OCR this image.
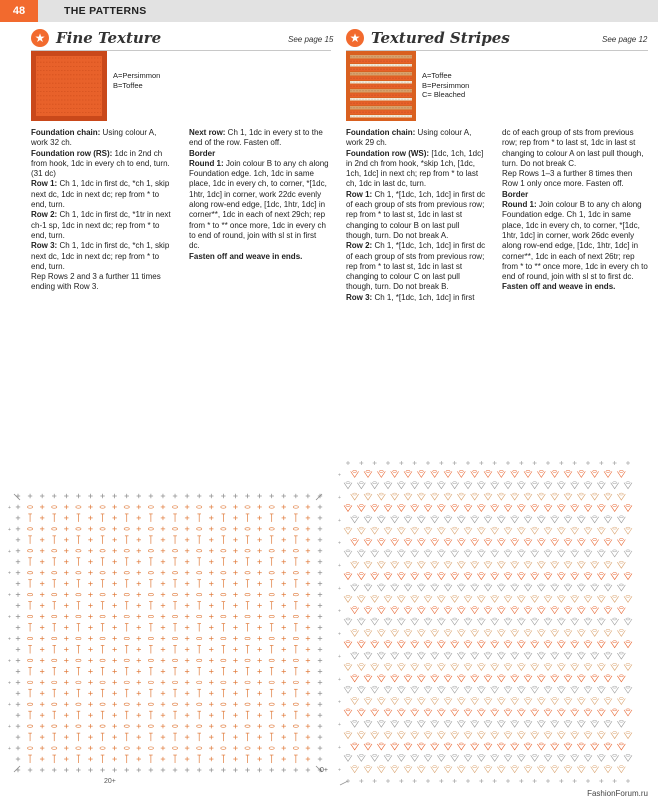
48	THE PATTERNS
★ Fine Texture	See page 15
A=Persimmon
B=Toffee

Foundation chain: Using colour A, work 32 ch.

Foundation row (RS): 1dc in 2nd ch from hook, 1dc in every ch to end, turn. (31 dc)

Row 1: Ch 1, 1dc in first dc, *ch 1, skip next dc, 1dc in next dc; rep from * to end, turn.

Row 2: Ch 1, 1dc in first dc, *1tr in next ch-1 sp, 1dc in next dc; rep from * to end, turn.

Row 3: Ch 1, 1dc in first dc, *ch 1, skip next dc, 1dc in next dc; rep from * to end, turn.

Rep Rows 2 and 3 a further 11 times ending with Row 3.

Next row: Ch 1, 1dc in every st to the end of the row. Fasten off.

Border

Round 1: Join colour B to any ch along Foundation edge. 1ch, 1dc in same place, 1dc in every ch, to corner, *[1dc, 1htr, 1dc] in corner, work 22dc evenly along row-end edge, [1dc, 1htr, 1dc] in corner**, 1dc in each of next 29ch; rep from * to ** once more, 1dc in every ch to end of round, join with sl st in first dc.

Fasten off and weave in ends.

★ Textured Stripes	See page 12
A=Toffee
B=Persimmon
C= Bleached

Foundation chain: Using colour A, work 29 ch.

Foundation row (WS): [1dc, 1ch, 1dc] in 2nd ch from hook, *skip 1ch, [1dc, 1ch, 1dc] in next ch; rep from * to last ch, 1dc in last dc, turn.

Row 1: Ch 1, *[1dc, 1ch, 1dc] in first dc of each group of sts from previous row; rep from * to last st, 1dc in last st changing to colour B on last pull though, turn. Do not break A.

Row 2: Ch 1, *[1dc, 1ch, 1dc] in first dc of each group of sts from previous row; rep from * to last st, 1dc in last st changing to colour C on last pull though, turn. Do not break B.

Row 3: Ch 1, *[1dc, 1ch, 1dc] in first

dc of each group of sts from previous row; rep from * to last st, 1dc in last st changing to colour A on last pull though, turn. Do not break C.

Rep Rows 1–3 a further 8 times then Row 1 only once more. Fasten off.

Border

Round 1: Join colour B to any ch along Foundation edge. Ch 1, 1dc in same place, 1dc in every ch, to corner, *[1dc, 1htr, 1dc] in corner, work 26dc evenly along row-end edge, [1dc, 1htr, 1dc] in corner**, 1dc in each of next 26tr; rep from * to ** once more, 1dc in every ch to end of round, join with sl st to first dc.

Fasten off and weave in ends.

+
+
+
+
+
+
+
+
+
+
+
+
20+
0+
+
+
+
+
+
+
+
+
+
+
+
+
+
+
FashionForum.ru
